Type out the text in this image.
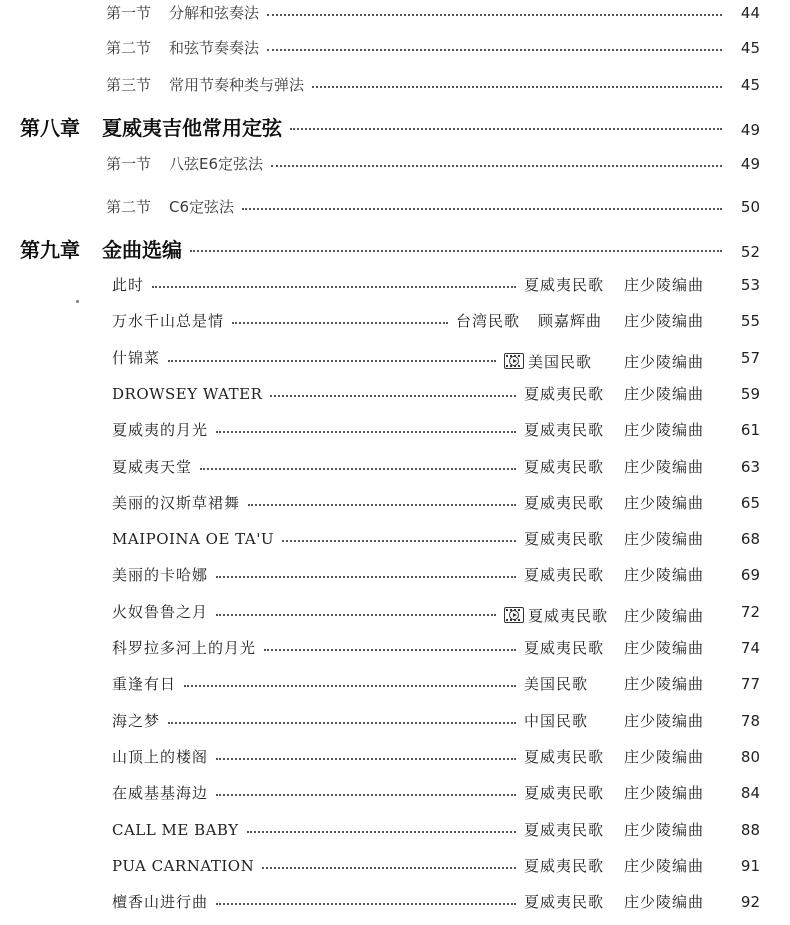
第一节 分解和弦奏法	44
第二节 和弦节奏奏法	45
第三节 常用节奏种类与弹法	45
第八章 夏威夷吉他常用定弦	49
第一节 八弦E6定弦法	49
第二节 C6定弦法	50
第九章 金曲选编	52
此时	夏威夷民歌	庄少陵编曲	53
万水千山总是情	台湾民歌 顾嘉辉曲	庄少陵编曲	55
什锦菜	美国民歌	庄少陵编曲	57
DROWSEY WATER	夏威夷民歌	庄少陵编曲	59
夏威夷的月光	夏威夷民歌	庄少陵编曲	61
夏威夷天堂	夏威夷民歌	庄少陵编曲	63
美丽的汉斯草裙舞	夏威夷民歌	庄少陵编曲	65
MAIPOINA OE TA'U	夏威夷民歌	庄少陵编曲	68
美丽的卡哈娜	夏威夷民歌	庄少陵编曲	69
火奴鲁鲁之月	夏威夷民歌	庄少陵编曲	72
科罗拉多河上的月光	夏威夷民歌	庄少陵编曲	74
重逢有日	美国民歌	庄少陵编曲	77
海之梦	中国民歌	庄少陵编曲	78
山顶上的楼阁	夏威夷民歌	庄少陵编曲	80
在威基基海边	夏威夷民歌	庄少陵编曲	84
CALL ME BABY	夏威夷民歌	庄少陵编曲	88
PUA CARNATION	夏威夷民歌	庄少陵编曲	91
檀香山进行曲	夏威夷民歌	庄少陵编曲	92
